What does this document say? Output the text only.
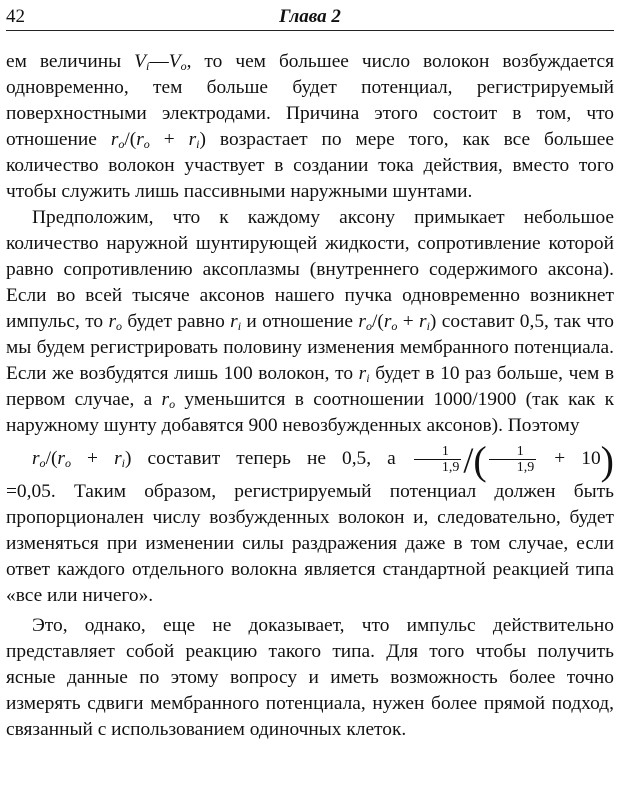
42	Глава 2

ем величины $V_i—V_o$, то чем большее число волокон возбуждается одновременно, тем больше будет потенциал, регистрируемый поверхностными электродами. Причина этого состоит в том, что отношение $r_o/(r_o + r_i)$ возрастает по мере того, как все большее количество волокон участвует в создании тока действия, вместо того чтобы служить лишь пассивными наружными шунтами.

Предположим, что к каждому аксону примыкает небольшое количество наружной шунтирующей жидкости, сопротивление которой равно сопротивлению аксоплазмы (внутреннего содержимого аксона). Если во всей тысяче аксонов нашего пучка одновременно возникнет импульс, то $r_o$ будет равно $r_i$ и отношение $r_o/(r_o + r_i)$ составит 0,5, так что мы будем регистрировать половину изменения мембранного потенциала. Если же возбудятся лишь 100 волокон, то $r_i$ будет в 10 раз больше, чем в первом случае, а $r_o$ уменьшится в соотношении 1000/1900 (так как к наружному шунту добавятся 900 невозбужденных аксонов). Поэтому
$r_o/(r_o + r_i)$ составит теперь не 0,5, а $\frac{1}{1,9}$ /( $\frac{1}{1,9} + 10$)
=0,05. Таким образом, регистрируемый потенциал должен быть пропорционален числу возбужденных волокон и, следовательно, будет изменяться при изменении силы раздражения даже в том случае, если ответ каждого отдельного волокна является стандартной реакцией типа «все или ничего».

Это, однако, еще не доказывает, что импульс действительно представляет собой реакцию такого типа. Для того чтобы получить ясные данные по этому вопросу и иметь возможность более точно измерять сдвиги мембранного потенциала, нужен более прямой подход, связанный с использованием одиночных клеток.
